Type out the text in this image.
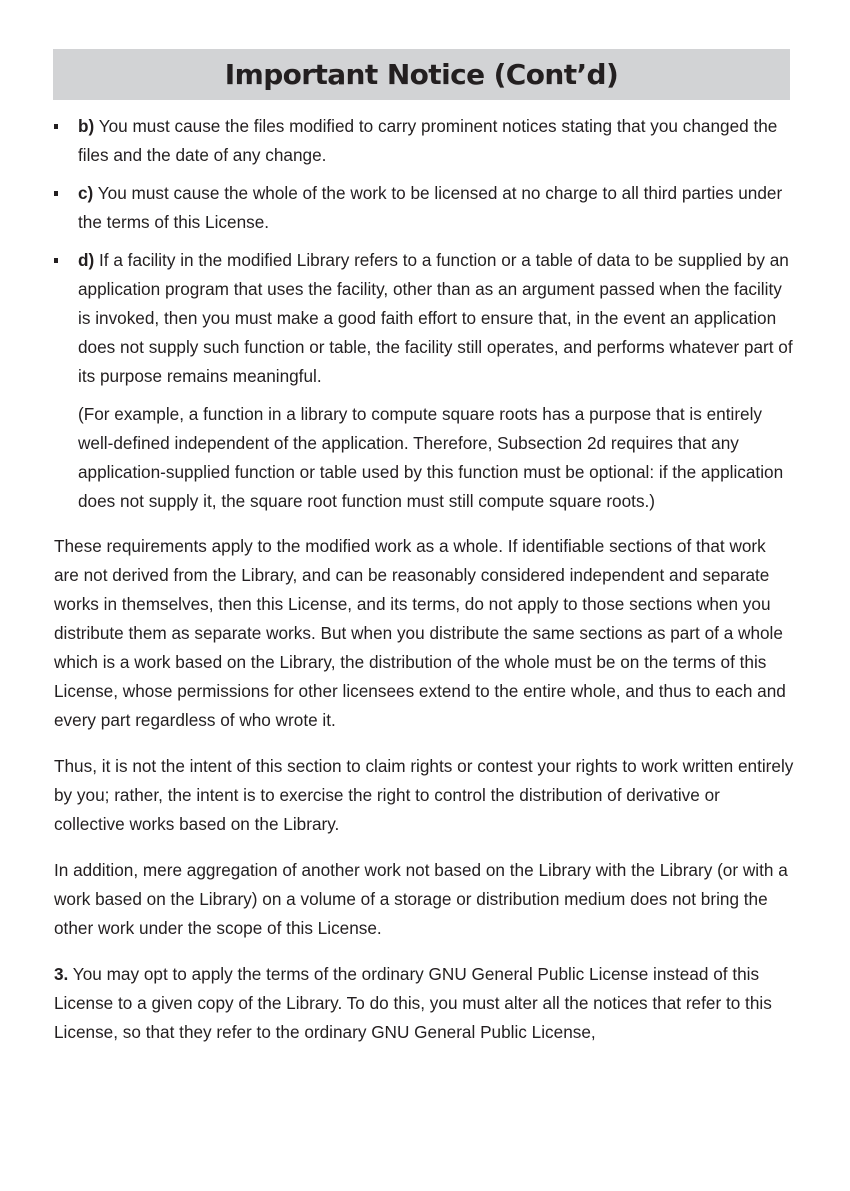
Important Notice (Cont’d)

b) You must cause the files modified to carry prominent notices stating that you changed the files and the date of any change.

c) You must cause the whole of the work to be licensed at no charge to all third parties under the terms of this License.

d) If a facility in the modified Library refers to a function or a table of data to be supplied by an application program that uses the facility, other than as an argument passed when the facility is invoked, then you must make a good faith effort to ensure that, in the event an application does not supply such function or table, the facility still operates, and performs whatever part of its purpose remains meaningful.

(For example, a function in a library to compute square roots has a purpose that is entirely well-defined independent of the application. Therefore, Subsection 2d requires that any application-supplied function or table used by this function must be optional: if the application does not supply it, the square root function must still compute square roots.)

These requirements apply to the modified work as a whole. If identifiable sections of that work are not derived from the Library, and can be reasonably considered independent and separate works in themselves, then this License, and its terms, do not apply to those sections when you distribute them as separate works. But when you distribute the same sections as part of a whole which is a work based on the Library, the distribution of the whole must be on the terms of this License, whose permissions for other licensees extend to the entire whole, and thus to each and every part regardless of who wrote it.

Thus, it is not the intent of this section to claim rights or contest your rights to work written entirely by you; rather, the intent is to exercise the right to control the distribution of derivative or collective works based on the Library.

In addition, mere aggregation of another work not based on the Library with the Library (or with a work based on the Library) on a volume of a storage or distribution medium does not bring the other work under the scope of this License.

3. You may opt to apply the terms of the ordinary GNU General Public License instead of this License to a given copy of the Library. To do this, you must alter all the notices that refer to this License, so that they refer to the ordinary GNU General Public License,
